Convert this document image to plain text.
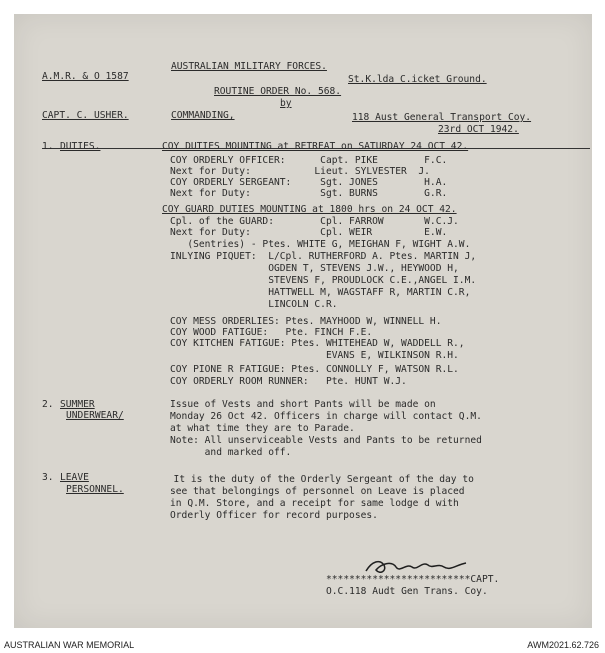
A.M.R. & O 1587
AUSTRALIAN MILITARY FORCES.
St.K.lda C.icket Ground.
ROUTINE ORDER No. 568.
by
CAPT. C. USHER.	COMMANDING,	118 Aust General Transport Coy.
23rd OCT 1942.
1. DUTIES.	COY DUTIES MOUNTING at RETREAT on SATURDAY 24 OCT 42.
COY ORDERLY OFFICER:      Capt. PIKE        F.C.
Next for Duty:           Lieut. SYLVESTER  J.
COY ORDERLY SERGEANT:     Sgt. JONES        H.A.
Next for Duty:            Sgt. BURNS        G.R.
COY GUARD DUTIES MOUNTING at 1800 hrs on 24 OCT 42.
Cpl. of the GUARD:        Cpl. FARROW       W.C.J.
Next for Duty:            Cpl. WEIR         E.W.
(Sentries) - Ptes. WHITE G, MEIGHAN F, WIGHT A.W.
INLYING PIQUET:  L/Cpl. RUTHERFORD A. Ptes. MARTIN J,
OGDEN T, STEVENS J.W., HEYWOOD H,
STEVENS F, PROUDLOCK C.E.,ANGEL I.M.
HATTWELL M, WAGSTAFF R, MARTIN C.R,
LINCOLN C.R.
COY MESS ORDERLIES: Ptes. MAYHOOD W, WINNELL H.
COY WOOD FATIGUE:   Pte. FINCH F.E.
COY KITCHEN FATIGUE: Ptes. WHITEHEAD W, WADDELL R.,
EVANS E, WILKINSON R.H.
COY PIONE R FATIGUE: Ptes. CONNOLLY F, WATSON R.L.
COY ORDERLY ROOM RUNNER:   Pte. HUNT W.J.
2. SUMMER
UNDERWEAR/
Issue of Vests and short Pants will be made on
Monday 26 Oct 42. Officers in charge will contact Q.M.
at what time they are to Parade.
Note: All unserviceable Vests and Pants to be returned
and marked off.
3. LEAVE
PERSONNEL.
It is the duty of the Orderly Sergeant of the day to
see that belongings of personnel on Leave is placed
in Q.M. Store, and a receipt for same lodge d with
Orderly Officer for record purposes.
*************************CAPT.
O.C.118 Audt Gen Trans. Coy.
AUSTRALIAN WAR MEMORIAL	AWM2021.62.726
